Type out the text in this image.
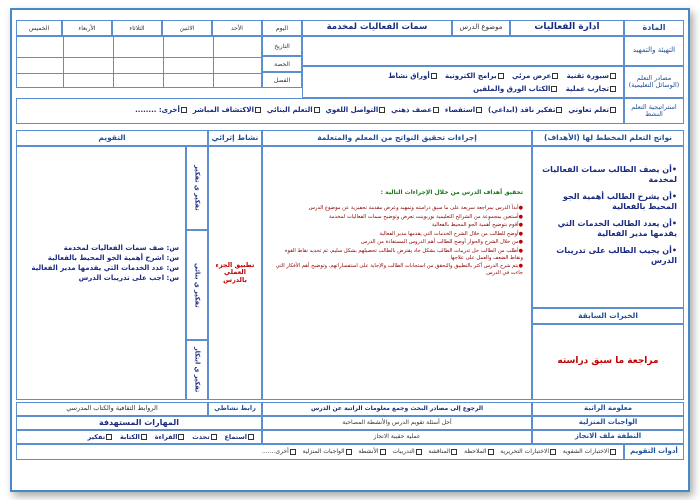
المادة
ادارة الفعاليات
موضوع الدرس
سمات الفعاليات لمخدمة
اليوم
الأحد
الاثنين
الثلاثاء
الأربعاء
الخميس
التاريخ
الحصة
الفصل
التهيئة والتمهيد
مصادر التعلم (الوسائل التعليمية)
سبورة تقنية   عرض مرئي   برامج الكترونية   أوراق نشاط
تجارب عملية   الكتاب الورق والملفين
استراتيجية التعلم النشط
تعلم تعاوني  تفكير ناقد (ابداعي)  استقصاء  عصف ذهني  التواصل اللغوي  التعلم البنائي  الاكتشاف المباشر  أخرى: ........
نواتج التعلم المخطط لها (الأهداف)
إجراءات تحقيق النواتج من المعلم والمتعلمة
نشاط إثرائي
التقويم
• أن يصف الطالب سمات الفعاليات لمخدمة
• أن يشرح الطالب أهمية الجو المحيط بالفعالية
• أن يعدد الطالب الخدمات التي يقدمها مدير الفعالية
• أن يجيب الطالب على تدريبات الدرس
الخبرات السابقة
مراجعة ما سبق دراسته
تحقيق أهداف الدرس من خلال الإجراءات التالية :
● أبدأ الدرس بمراجعة سريعة على ما سبق دراسته وتمهيد وعرض مقدمة تحفيزية عن موضوع الدرس
● أستعين بمجموعة من الشرائح التعليمية بوربوينت تعرض وتوضيح سمات الفعاليات لمخدمة
● أقوم بتوضيح أهمية الجو المحيط بالفعالية
● أوضح للطالب من خلال الشرح الخدمات التي يقدمها مدير الفعالية
● من خلال الشرح والحوار أوضح للطالب أهم الدروس المستفادة من الدرس
● أطلب من الطالب حل تدريبات الطالب بشكل جاد يقترض بالطالب تحصيلهم بشكل سليم، ثم تحديد نقاط القوة ونقاط الضعف والعمل على علاجها
● يتم شرح الدرس أكثر بالتطبيق والتحقق من استجابات الطالب والإجابة على استفساراتهم، وتوضيح أهم الأفكار التي جاءت في الدرس
تطبيق الجزء العملي بالدرس
تفكير ي تفكير
تفكير ي بنائي
تفكير ي ابتكار
س: صف سمات الفعاليات لمخدمة
س: اشرح أهمية الجو المحيط بالفعالية
س: عدد الخدمات التي يقدمها مدير الفعالية
س: اجب على تدريبات الدرس
معلومة الراتبة
الرجوع إلى مصادر البحث وجمع معلومات الراتبة عن الدرس
رابط نشاطي
الروابط الثقافية والكتاب المدرسي
الواجبات المنزلية
أحل أسئلة تقويم الدرس والأنشطة المصاحبة
المهارات المستهدفة
النطفة ملف الانجاز
عملية حقيبة الانجاز
استماع   تحدث   القراءة   الكتابة   تفكير
أدوات التقويم
الاختبارات الشفوية   الاختبارات التحريرية   الملاحظة   المناقشة   التدريبات   الأنشطة   الواجبات المنزلية   أخرى.......
